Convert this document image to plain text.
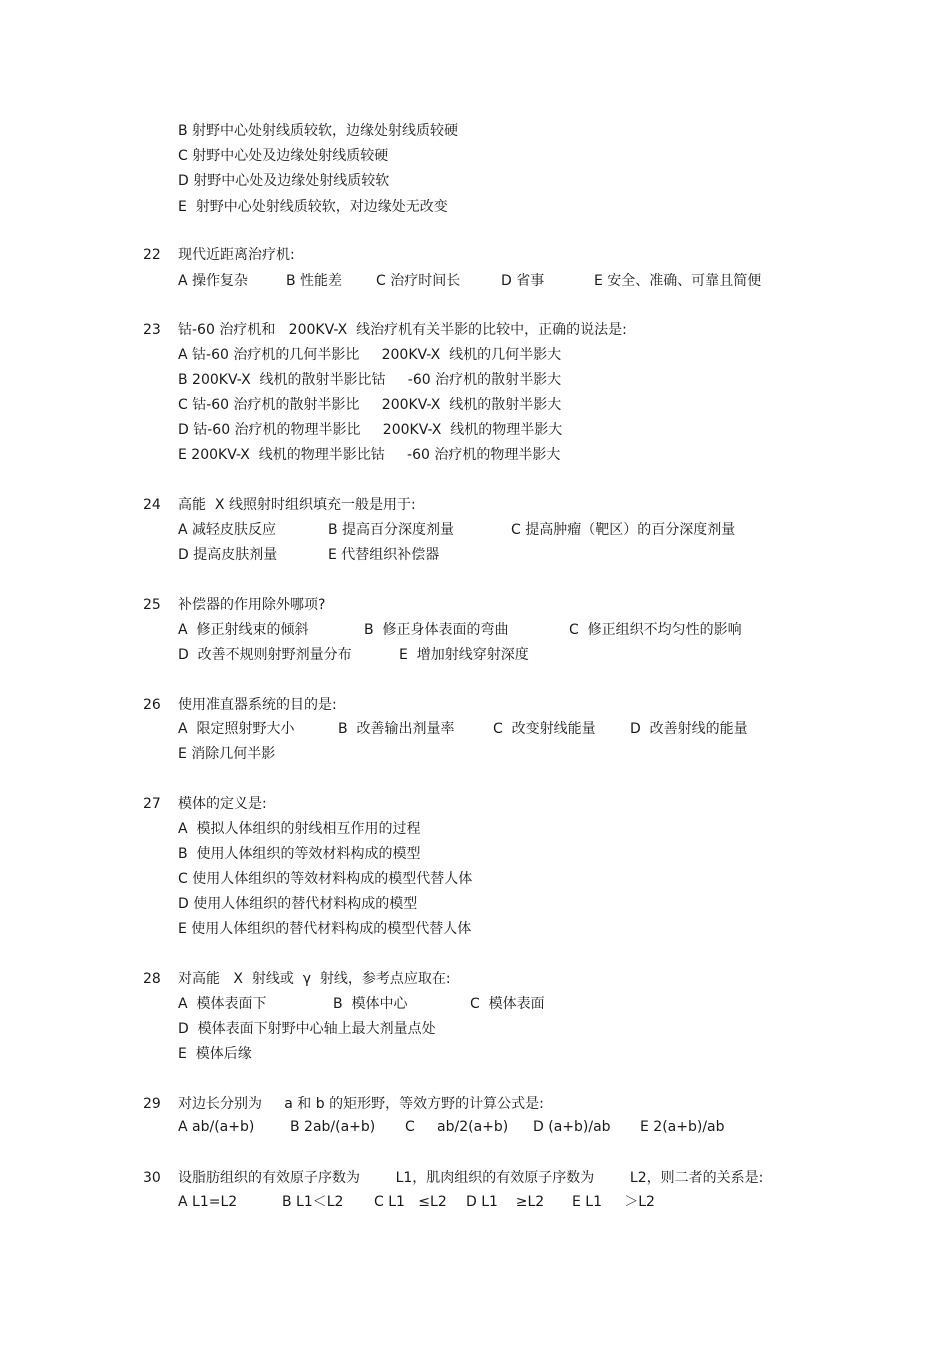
B 射野中心处射线质较软，边缘处射线质较硬
C 射野中心处及边缘处射线质较硬
D 射野中心处及边缘处射线质较软
E  射野中心处射线质较软，对边缘处无改变
22 现代近距离治疗机:
A 操作复杂	B 性能差 C 治疗时间长	D 省事	E 安全、准确、可靠且简便
23 钴-60 治疗机和   200KV-X  线治疗机有关半影的比较中，正确的说法是:
A 钴-60 治疗机的几何半影比     200KV-X  线机的几何半影大
B 200KV-X  线机的散射半影比钴     -60 治疗机的散射半影大
C 钴-60 治疗机的散射半影比     200KV-X  线机的散射半影大
D 钴-60 治疗机的物理半影比     200KV-X  线机的物理半影大
E 200KV-X  线机的物理半影比钴     -60 治疗机的物理半影大
24 高能  X 线照射时组织填充一般是用于:
A 减轻皮肤反应	B 提高百分深度剂量	C 提高肿瘤（靶区）的百分深度剂量
D 提高皮肤剂量	E 代替组织补偿器
25 补偿器的作用除外哪项?
A  修正射线束的倾斜	B  修正身体表面的弯曲	C  修正组织不均匀性的影响
D  改善不规则射野剂量分布	E  增加射线穿射深度
26 使用准直器系统的目的是:
A  限定照射野大小	B  改善输出剂量率	C  改变射线能量 D  改善射线的能量
E 消除几何半影
27 模体的定义是:
A  模拟人体组织的射线相互作用的过程
B  使用人体组织的等效材料构成的模型
C 使用人体组织的等效材料构成的模型代替人体
D 使用人体组织的替代材料构成的模型
E 使用人体组织的替代材料构成的模型代替人体
28 对高能   X  射线或  γ  射线，参考点应取在:
A  模体表面下	B  模体中心	C  模体表面
D  模体表面下射野中心轴上最大剂量点处
E  模体后缘
29 对边长分别为     a 和 b 的矩形野，等效方野的计算公式是:
A ab/(a+b)	B 2ab/(a+b) C     ab/2(a+b) D (a+b)/ab E 2(a+b)/ab
30 设脂肪组织的有效原子序数为        L1，肌肉组织的有效原子序数为        L2，则二者的关系是:
A L1=L2	B L1＜L2 C L1   ≤L2 D L1    ≥L2 E L1     ＞L2
